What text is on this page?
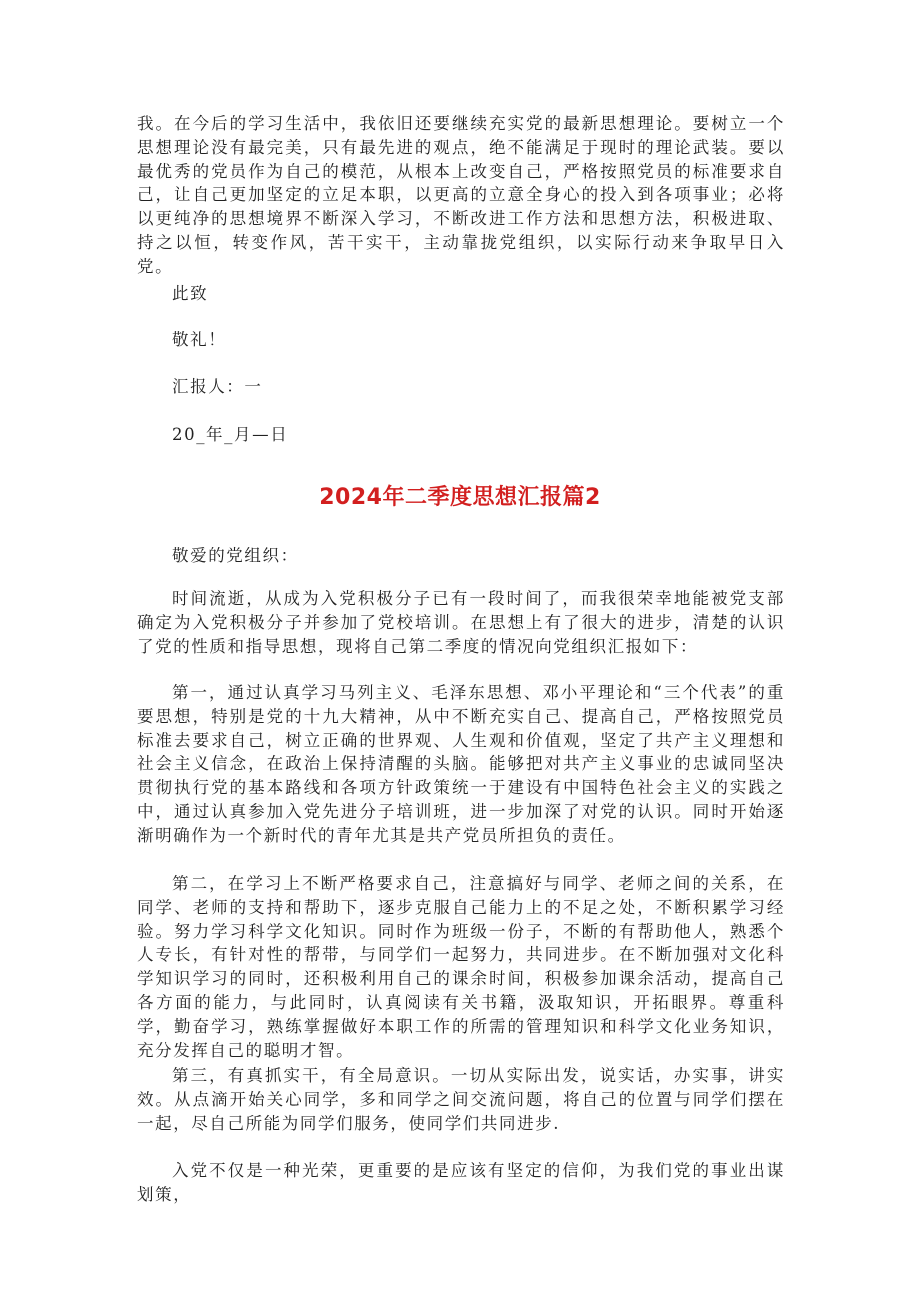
我。在今后的学习生活中，我依旧还要继续充实党的最新思想理论。要树立一个思想理论没有最完美，只有最先进的观点，绝不能满足于现时的理论武装。要以最优秀的党员作为自己的模范，从根本上改变自己，严格按照党员的标准要求自己，让自己更加坚定的立足本职，以更高的立意全身心的投入到各项事业；必将以更纯净的思想境界不断深入学习，不断改进工作方法和思想方法，积极进取、持之以恒，转变作风，苦干实干，主动靠拢党组织，以实际行动来争取早日入党。

此致

敬礼！

汇报人：一

20_年_月—日

2024年二季度思想汇报篇2

敬爱的党组织：

时间流逝，从成为入党积极分子已有一段时间了，而我很荣幸地能被党支部确定为入党积极分子并参加了党校培训。在思想上有了很大的进步，清楚的认识了党的性质和指导思想，现将自己第二季度的情况向党组织汇报如下：

第一，通过认真学习马列主义、毛泽东思想、邓小平理论和“三个代表”的重要思想，特别是党的十九大精神，从中不断充实自己、提高自己，严格按照党员标准去要求自己，树立正确的世界观、人生观和价值观，坚定了共产主义理想和社会主义信念，在政治上保持清醒的头脑。能够把对共产主义事业的忠诚同坚决贯彻执行党的基本路线和各项方针政策统一于建设有中国特色社会主义的实践之中，通过认真参加入党先进分子培训班，进一步加深了对党的认识。同时开始逐渐明确作为一个新时代的青年尤其是共产党员所担负的责任。

第二，在学习上不断严格要求自己，注意搞好与同学、老师之间的关系，在同学、老师的支持和帮助下，逐步克服自己能力上的不足之处，不断积累学习经验。努力学习科学文化知识。同时作为班级一份子，不断的有帮助他人，熟悉个人专长，有针对性的帮带，与同学们一起努力，共同进步。在不断加强对文化科学知识学习的同时，还积极利用自己的课余时间，积极参加课余活动，提高自己各方面的能力，与此同时，认真阅读有关书籍，汲取知识，开拓眼界。尊重科学，勤奋学习，熟练掌握做好本职工作的所需的管理知识和科学文化业务知识，充分发挥自己的聪明才智。

第三，有真抓实干，有全局意识。一切从实际出发，说实话，办实事，讲实效。从点滴开始关心同学，多和同学之间交流问题，将自己的位置与同学们摆在一起，尽自己所能为同学们服务，使同学们共同进步.

入党不仅是一种光荣，更重要的是应该有坚定的信仰，为我们党的事业出谋划策，
